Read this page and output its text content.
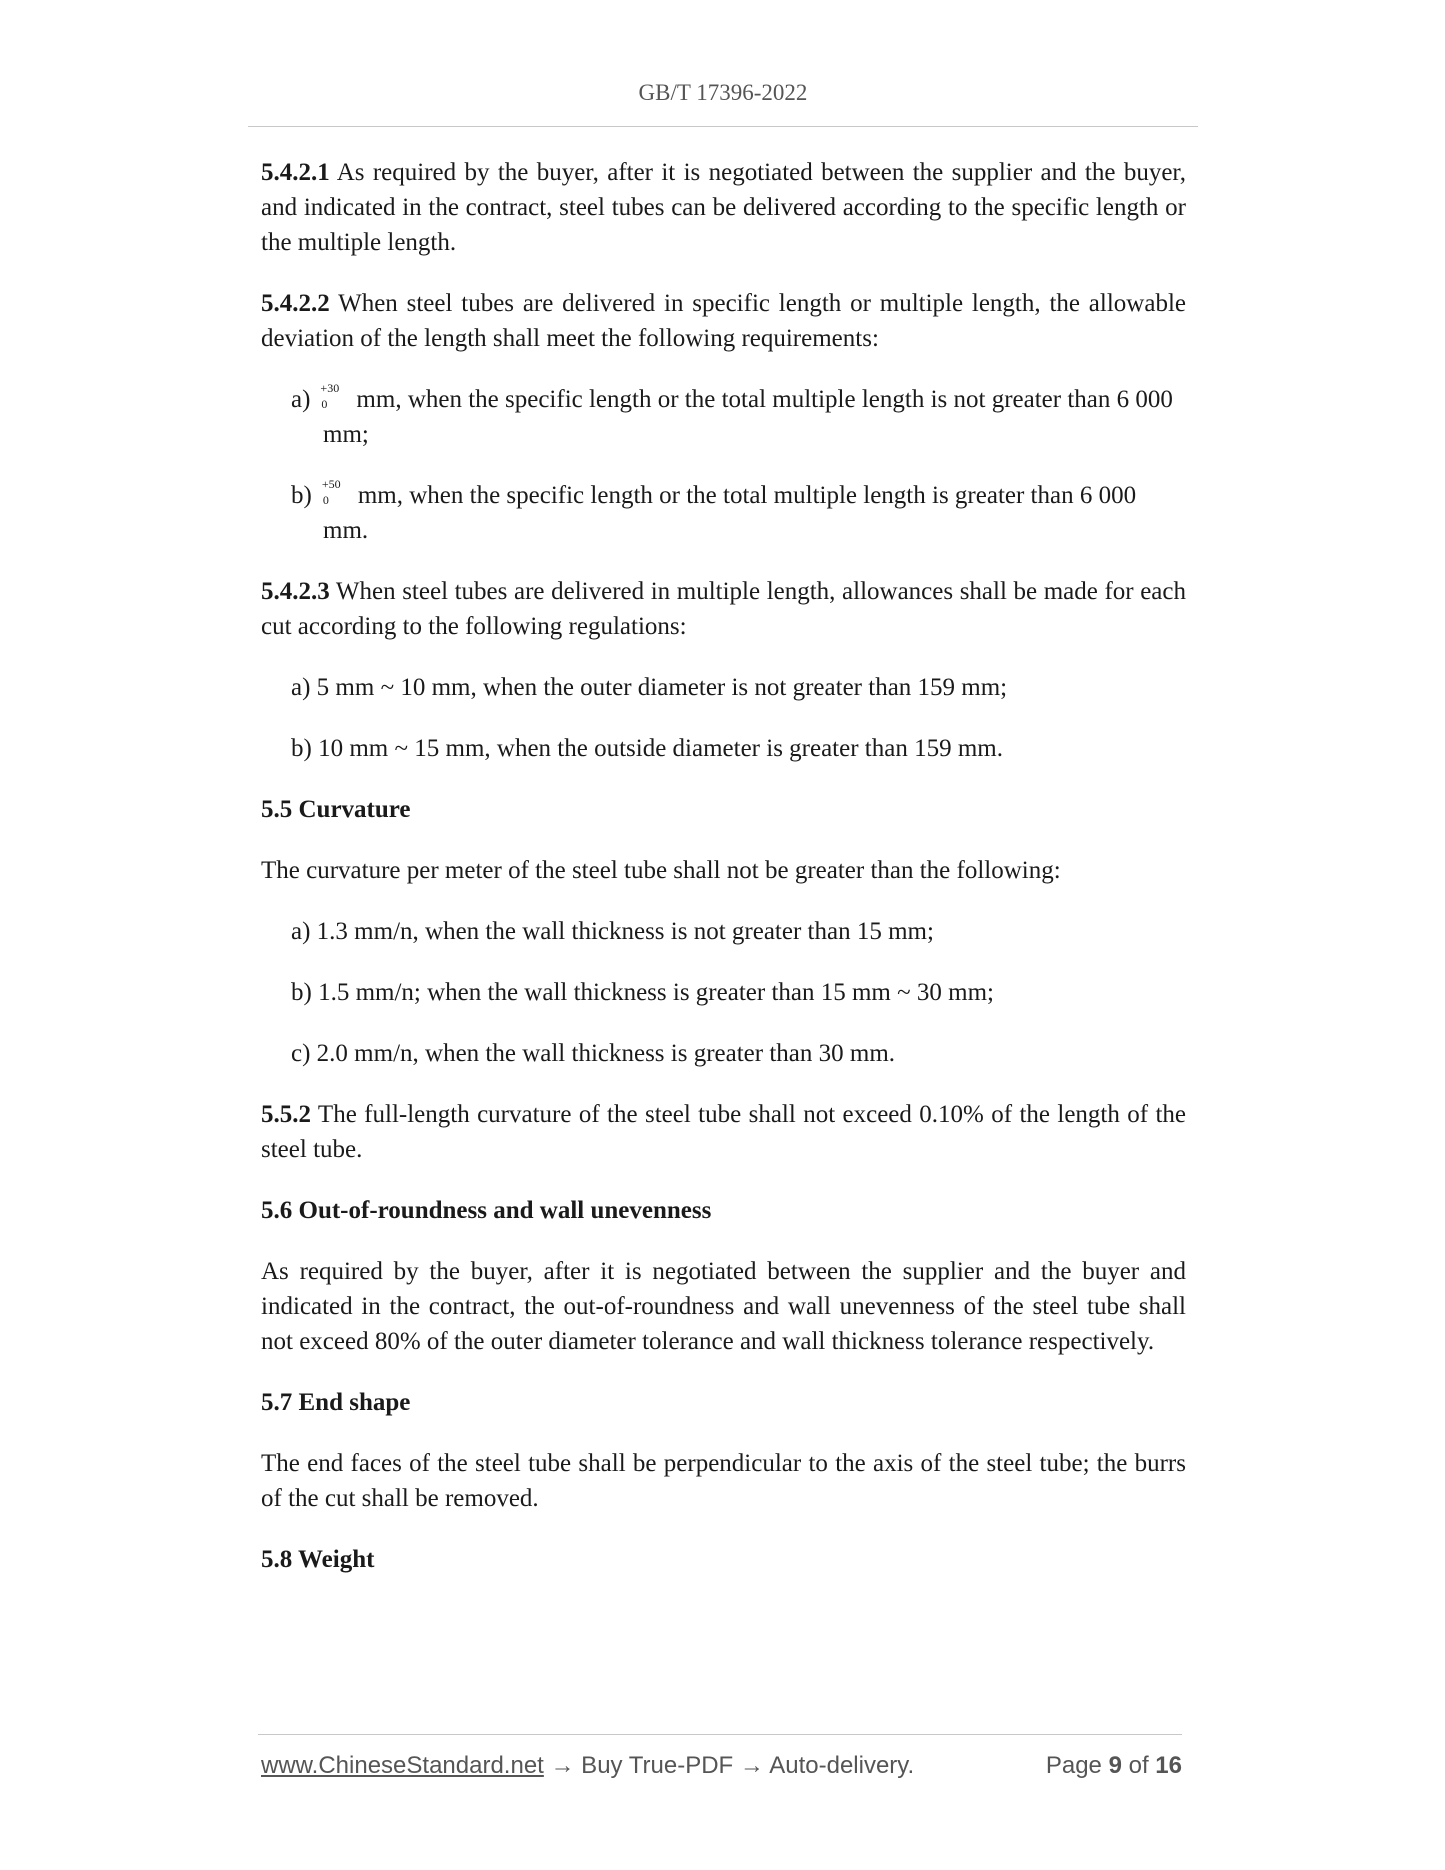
GB/T 17396-2022

5.4.2.1 As required by the buyer, after it is negotiated between the supplier and the buyer, and indicated in the contract, steel tubes can be delivered according to the specific length or the multiple length.

5.4.2.2 When steel tubes are delivered in specific length or multiple length, the allowable deviation of the length shall meet the following requirements:

a) +30
0 mm, when the specific length or the total multiple length is not greater than 6 000 mm;

b) +50
0 mm, when the specific length or the total multiple length is greater than 6 000 mm.

5.4.2.3 When steel tubes are delivered in multiple length, allowances shall be made for each cut according to the following regulations:

a) 5 mm ~ 10 mm, when the outer diameter is not greater than 159 mm;

b) 10 mm ~ 15 mm, when the outside diameter is greater than 159 mm.

5.5 Curvature

The curvature per meter of the steel tube shall not be greater than the following:

a) 1.3 mm/n, when the wall thickness is not greater than 15 mm;

b) 1.5 mm/n; when the wall thickness is greater than 15 mm ~ 30 mm;

c) 2.0 mm/n, when the wall thickness is greater than 30 mm.

5.5.2 The full-length curvature of the steel tube shall not exceed 0.10% of the length of the steel tube.

5.6 Out-of-roundness and wall unevenness

As required by the buyer, after it is negotiated between the supplier and the buyer and indicated in the contract, the out-of-roundness and wall unevenness of the steel tube shall not exceed 80% of the outer diameter tolerance and wall thickness tolerance respectively.

5.7 End shape

The end faces of the steel tube shall be perpendicular to the axis of the steel tube; the burrs of the cut shall be removed.

5.8 Weight

www.ChineseStandard.net → Buy True-PDF → Auto-delivery.	Page 9 of 16
